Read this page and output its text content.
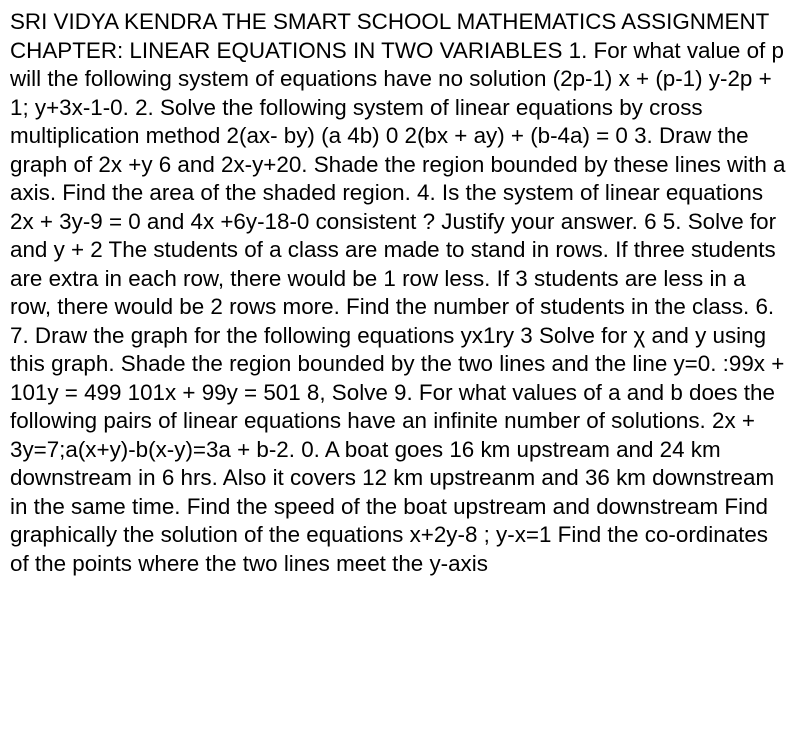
SRI VIDYA KENDRA THE SMART SCHOOL MATHEMATICS ASSIGNMENT CHAPTER: LINEAR EQUATIONS IN TWO VARIABLES 1. For what value of p will the following system of equations have no solution (2p-1) x + (p-1) y-2p + 1; y+3x-1-0. 2. Solve the following system of linear equations by cross multiplication method 2(ax- by) (a 4b) 0 2(bx + ay) + (b-4a) = 0 3. Draw the graph of 2x +y 6 and 2x-y+20. Shade the region bounded by these lines with a axis. Find the area of the shaded region. 4. Is the system of linear equations 2x + 3y-9 = 0 and 4x +6y-18-0 consistent ? Justify your answer. 6 5. Solve for and y + 2 The students of a class are made to stand in rows. If three students are extra in each row, there would be 1 row less. If 3 students are less in a row, there would be 2 rows more. Find the number of students in the class. 6. 7. Draw the graph for the following equations yx1ry 3 Solve for χ and y using this graph. Shade the region bounded by the two lines and the line y=0. :99x + 101y = 499 101x + 99y = 501 8, Solve 9. For what values of a and b does the following pairs of linear equations have an infinite number of solutions. 2x + 3y=7;a(x+y)-b(x-y)=3a + b-2. 0. A boat goes 16 km upstream and 24 km downstream in 6 hrs. Also it covers 12 km upstreanm and 36 km downstream in the same time. Find the speed of the boat upstream and downstream Find graphically the solution of the equations x+2y-8 ; y-x=1 Find the co-ordinates of the points where the two lines meet the y-axis
